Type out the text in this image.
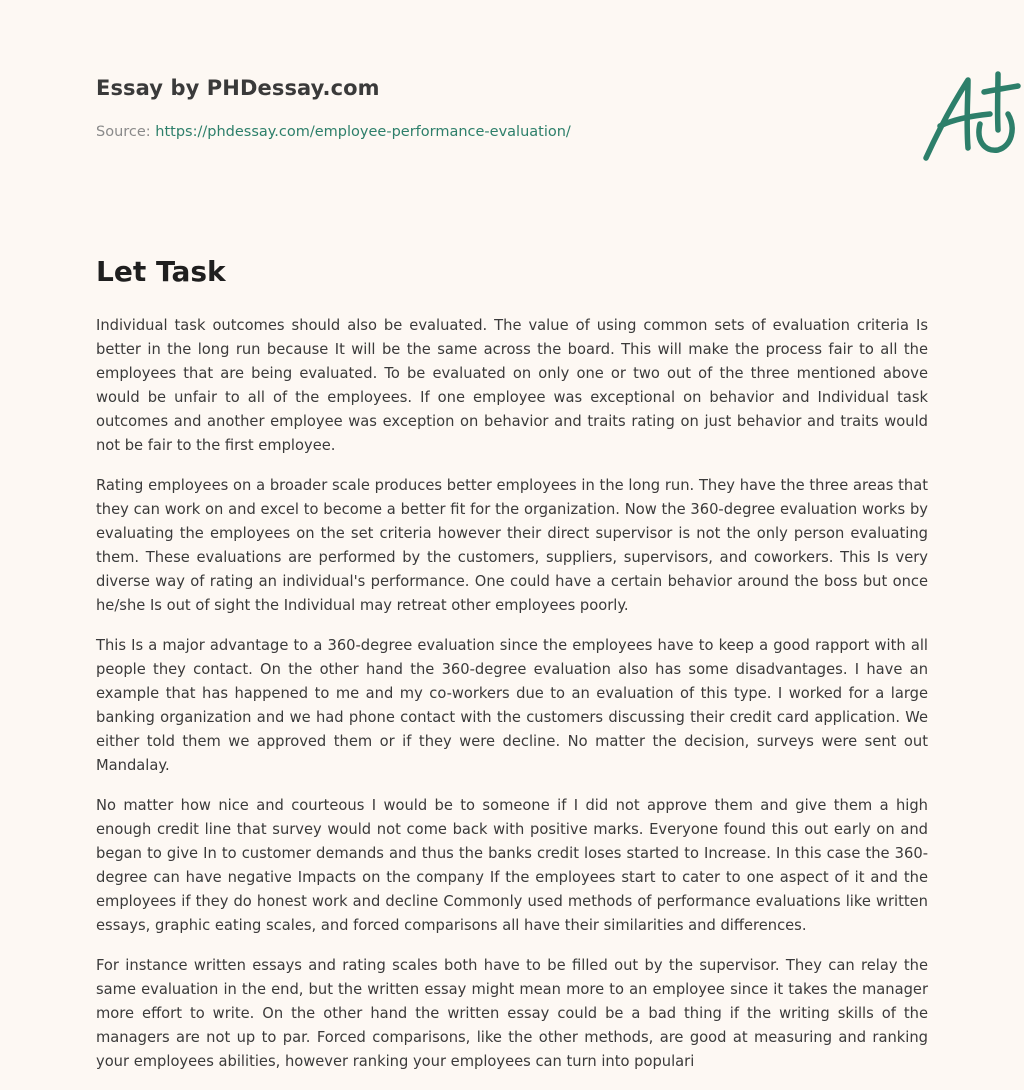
Essay by PHDessay.com
Source: https://phdessay.com/employee-performance-evaluation/
Let Task

Individual task outcomes should also be evaluated. The value of using common sets of evaluation criteria Is better in the long run because It will be the same across the board. This will make the process fair to all the employees that are being evaluated. To be evaluated on only one or two out of the three mentioned above would be unfair to all of the employees. If one employee was exceptional on behavior and Individual task outcomes and another employee was exception on behavior and traits rating on just behavior and traits would not be fair to the first employee.

Rating employees on a broader scale produces better employees in the long run. They have the three areas that they can work on and excel to become a better fit for the organization. Now the 360-degree evaluation works by evaluating the employees on the set criteria however their direct supervisor is not the only person evaluating them. These evaluations are performed by the customers, suppliers, supervisors, and coworkers. This Is very diverse way of rating an individual's performance. One could have a certain behavior around the boss but once he/she Is out of sight the Individual may retreat other employees poorly.

This Is a major advantage to a 360-degree evaluation since the employees have to keep a good rapport with all people they contact. On the other hand the 360-degree evaluation also has some disadvantages. I have an example that has happened to me and my co-workers due to an evaluation of this type. I worked for a large banking organization and we had phone contact with the customers discussing their credit card application. We either told them we approved them or if they were decline. No matter the decision, surveys were sent out Mandalay.

No matter how nice and courteous I would be to someone if I did not approve them and give them a high enough credit line that survey would not come back with positive marks. Everyone found this out early on and began to give In to customer demands and thus the banks credit loses started to Increase. In this case the 360-degree can have negative Impacts on the company If the employees start to cater to one aspect of it and the employees if they do honest work and decline Commonly used methods of performance evaluations like written essays, graphic eating scales, and forced comparisons all have their similarities and differences.

For instance written essays and rating scales both have to be filled out by the supervisor. They can relay the same evaluation in the end, but the written essay might mean more to an employee since it takes the manager more effort to write. On the other hand the written essay could be a bad thing if the writing skills of the managers are not up to par. Forced comparisons, like the other methods, are good at measuring and ranking your employees abilities, however ranking your employees can turn into populari
